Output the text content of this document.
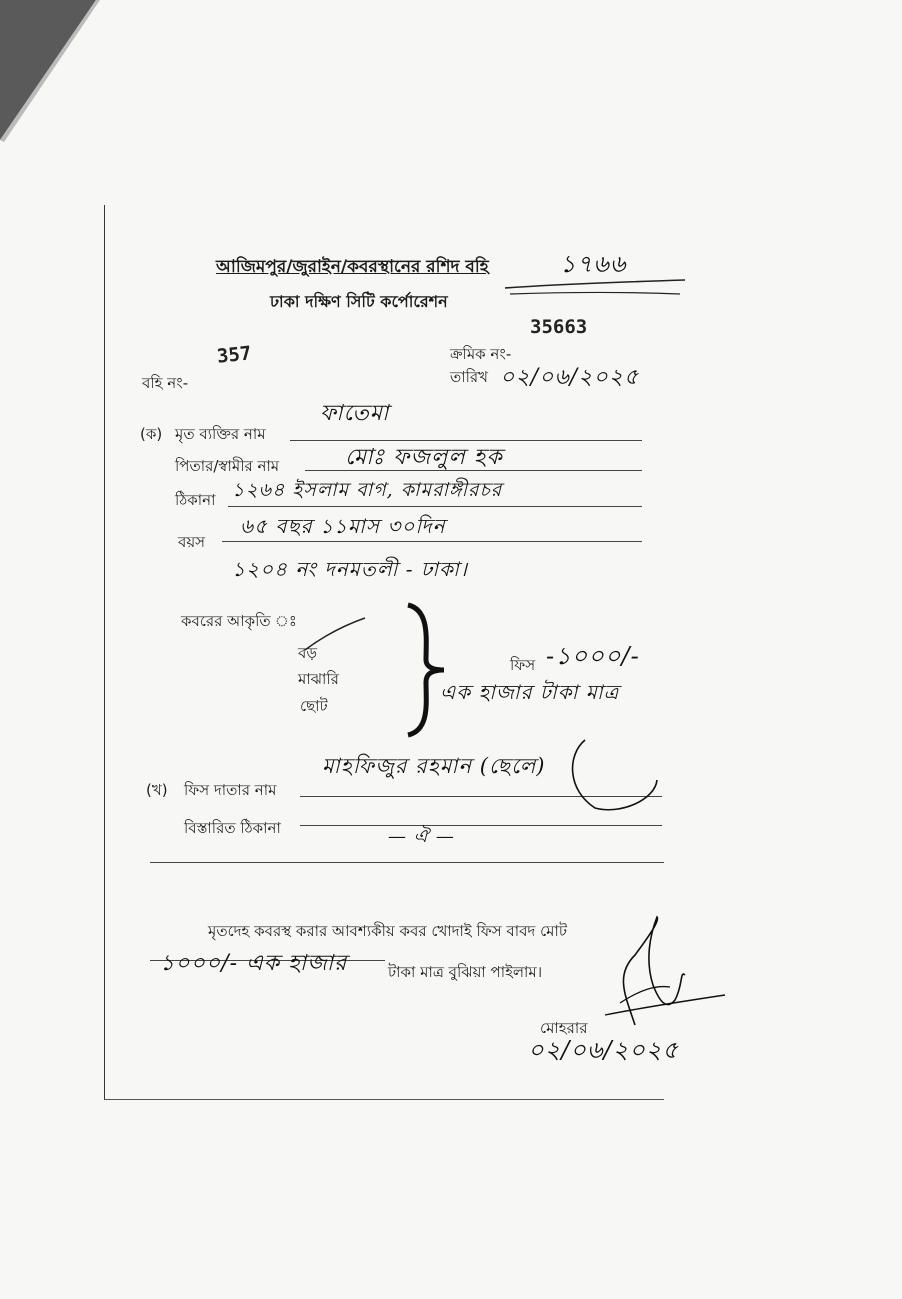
আজিমপুর/জুরাইন/কবরস্থানের রশিদ বহি	১৭৬৬
ঢাকা দক্ষিণ সিটি কর্পোরেশন
35663
357	ক্রমিক নং-
বহি নং-	তারিখ ০২/০৬/২০২৫
(ক) মৃত ব্যক্তির নাম
ফাতেমা
পিতার/স্বামীর নাম	মোঃ ফজলুল হক
ঠিকানা ১২৬৪ ইসলাম বাগ, কামরাঙ্গীরচর
বয়স
৬৫ বছর ১১মাস ৩০দিন
১২০৪ নং দনমতলী - ঢাকা।
কবরের আকৃতি ঃ
বড়
মাঝারি
ছোট
ফিস -১০০০/-
এক হাজার টাকা মাত্র
(খ) ফিস দাতার নাম
মাহফিজুর রহমান (ছেলে)
বিস্তারিত ঠিকানা	— ঐ —
মৃতদেহ কবরস্থ করার আবশ্যকীয় কবর খোদাই ফিস বাবদ মোট
১০০০/- এক হাজার	টাকা মাত্র বুঝিয়া পাইলাম।
মোহরার
০২/০৬/২০২৫
